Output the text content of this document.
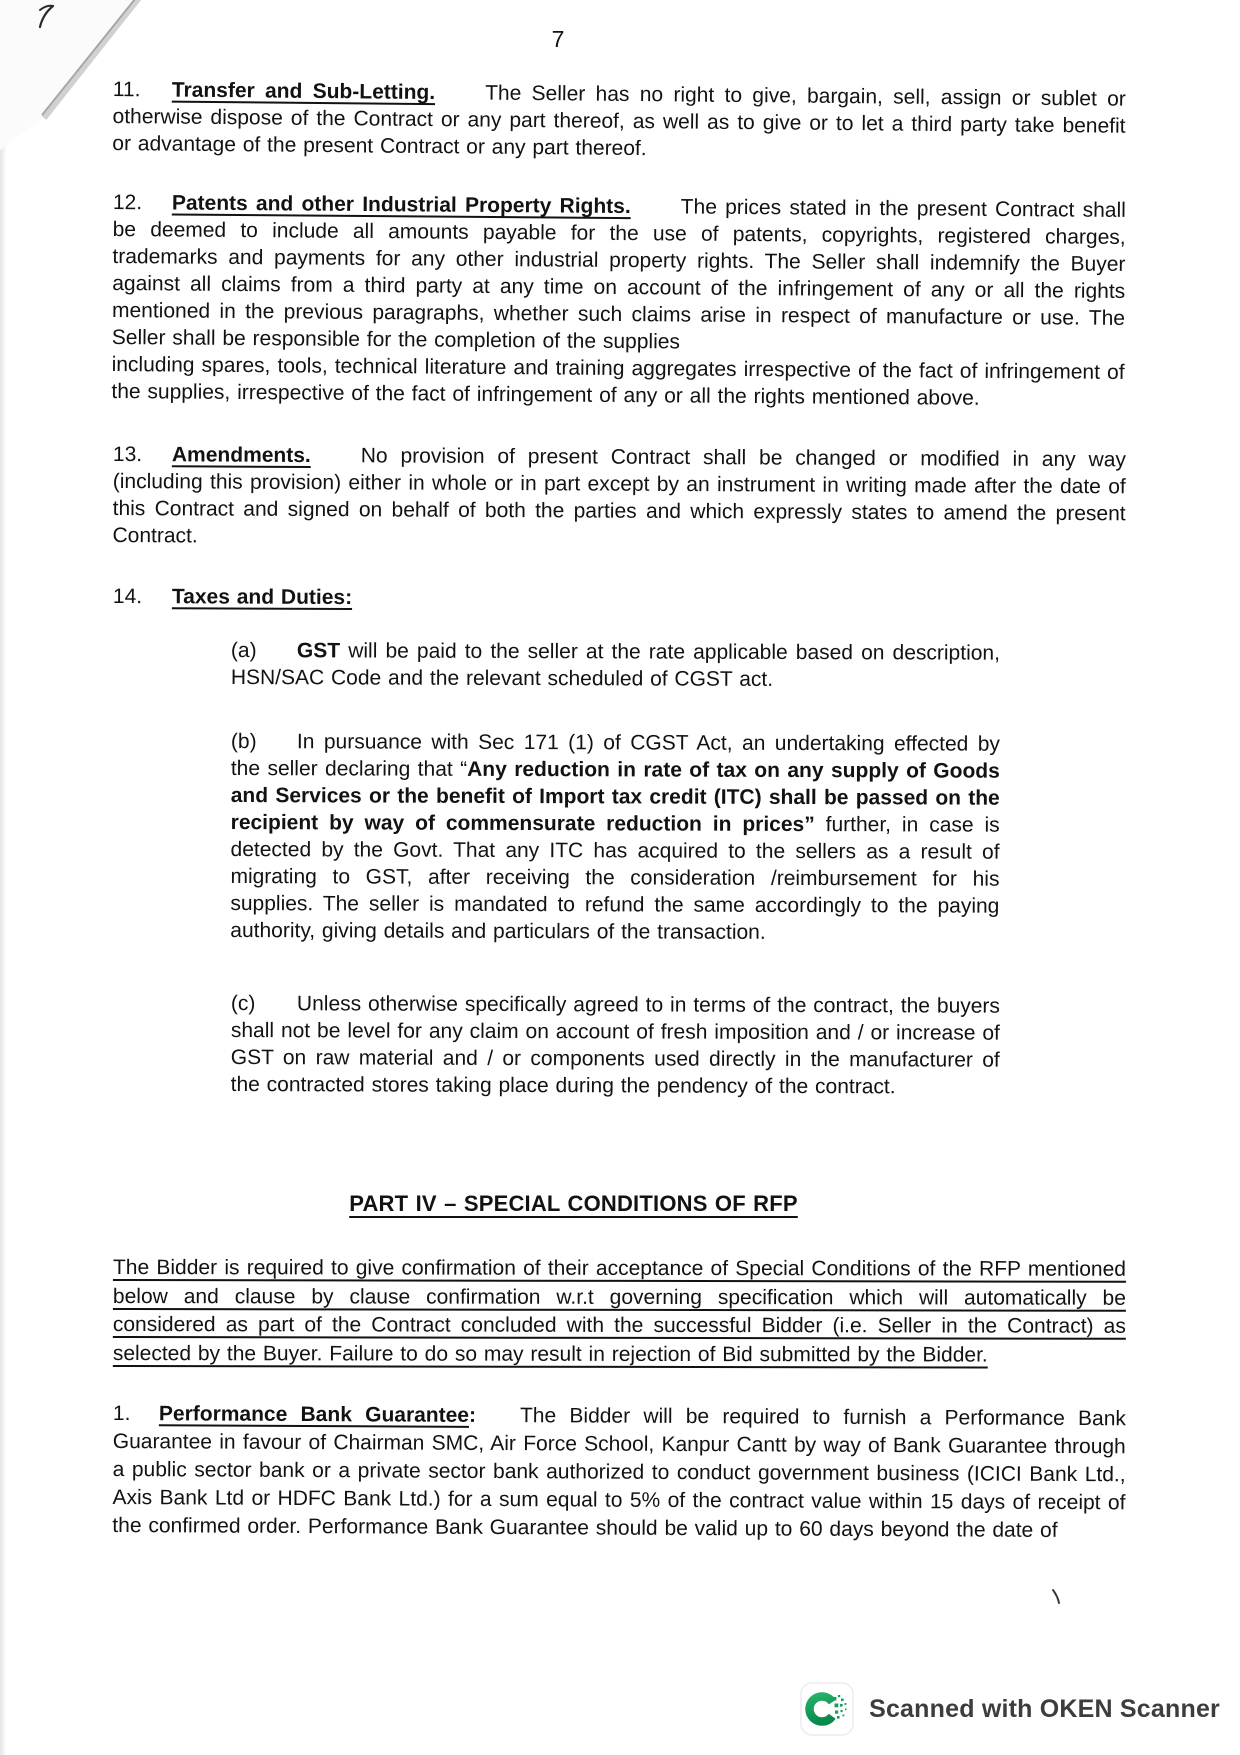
7
11. Transfer and Sub-Letting. The Seller has no right to give, bargain, sell, assign or sublet or otherwise dispose of the Contract or any part thereof, as well as to give or to let a third party take benefit or advantage of the present Contract or any part thereof.
12. Patents and other Industrial Property Rights. The prices stated in the present Contract shall be deemed to include all amounts payable for the use of patents, copyrights, registered charges, trademarks and payments for any other industrial property rights. The Seller shall indemnify the Buyer against all claims from a third party at any time on account of the infringement of any or all the rights mentioned in the previous paragraphs, whether such claims arise in respect of manufacture or use. The Seller shall be responsible for the completion of the supplies
including spares, tools, technical literature and training aggregates irrespective of the fact of infringement of the supplies, irrespective of the fact of infringement of any or all the rights mentioned above.
13. Amendments. No provision of present Contract shall be changed or modified in any way (including this provision) either in whole or in part except by an instrument in writing made after the date of this Contract and signed on behalf of both the parties and which expressly states to amend the present Contract.
14. Taxes and Duties:
(a) GST will be paid to the seller at the rate applicable based on description, HSN/SAC Code and the relevant scheduled of CGST act.
(b) In pursuance with Sec 171 (1) of CGST Act, an undertaking effected by the seller declaring that “Any reduction in rate of tax on any supply of Goods and Services or the benefit of Import tax credit (ITC) shall be passed on the recipient by way of commensurate reduction in prices” further, in case is detected by the Govt. That any ITC has acquired to the sellers as a result of migrating to GST, after receiving the consideration /reimbursement for his supplies. The seller is mandated to refund the same accordingly to the paying authority, giving details and particulars of the transaction.
(c) Unless otherwise specifically agreed to in terms of the contract, the buyers shall not be level for any claim on account of fresh imposition and / or increase of GST on raw material and / or components used directly in the manufacturer of the contracted stores taking place during the pendency of the contract.
PART IV – SPECIAL CONDITIONS OF RFP
The Bidder is required to give confirmation of their acceptance of Special Conditions of the RFP mentioned below and clause by clause confirmation w.r.t governing specification which will automatically be considered as part of the Contract concluded with the successful Bidder (i.e. Seller in the Contract) as selected by the Buyer. Failure to do so may result in rejection of Bid submitted by the Bidder.
1. Performance Bank Guarantee: The Bidder will be required to furnish a Performance Bank Guarantee in favour of Chairman SMC, Air Force School, Kanpur Cantt by way of Bank Guarantee through a public sector bank or a private sector bank authorized to conduct government business (ICICI Bank Ltd., Axis Bank Ltd or HDFC Bank Ltd.) for a sum equal to 5% of the contract value within 15 days of receipt of the confirmed order. Performance Bank Guarantee should be valid up to 60 days beyond the date of
Scanned with OKEN Scanner
